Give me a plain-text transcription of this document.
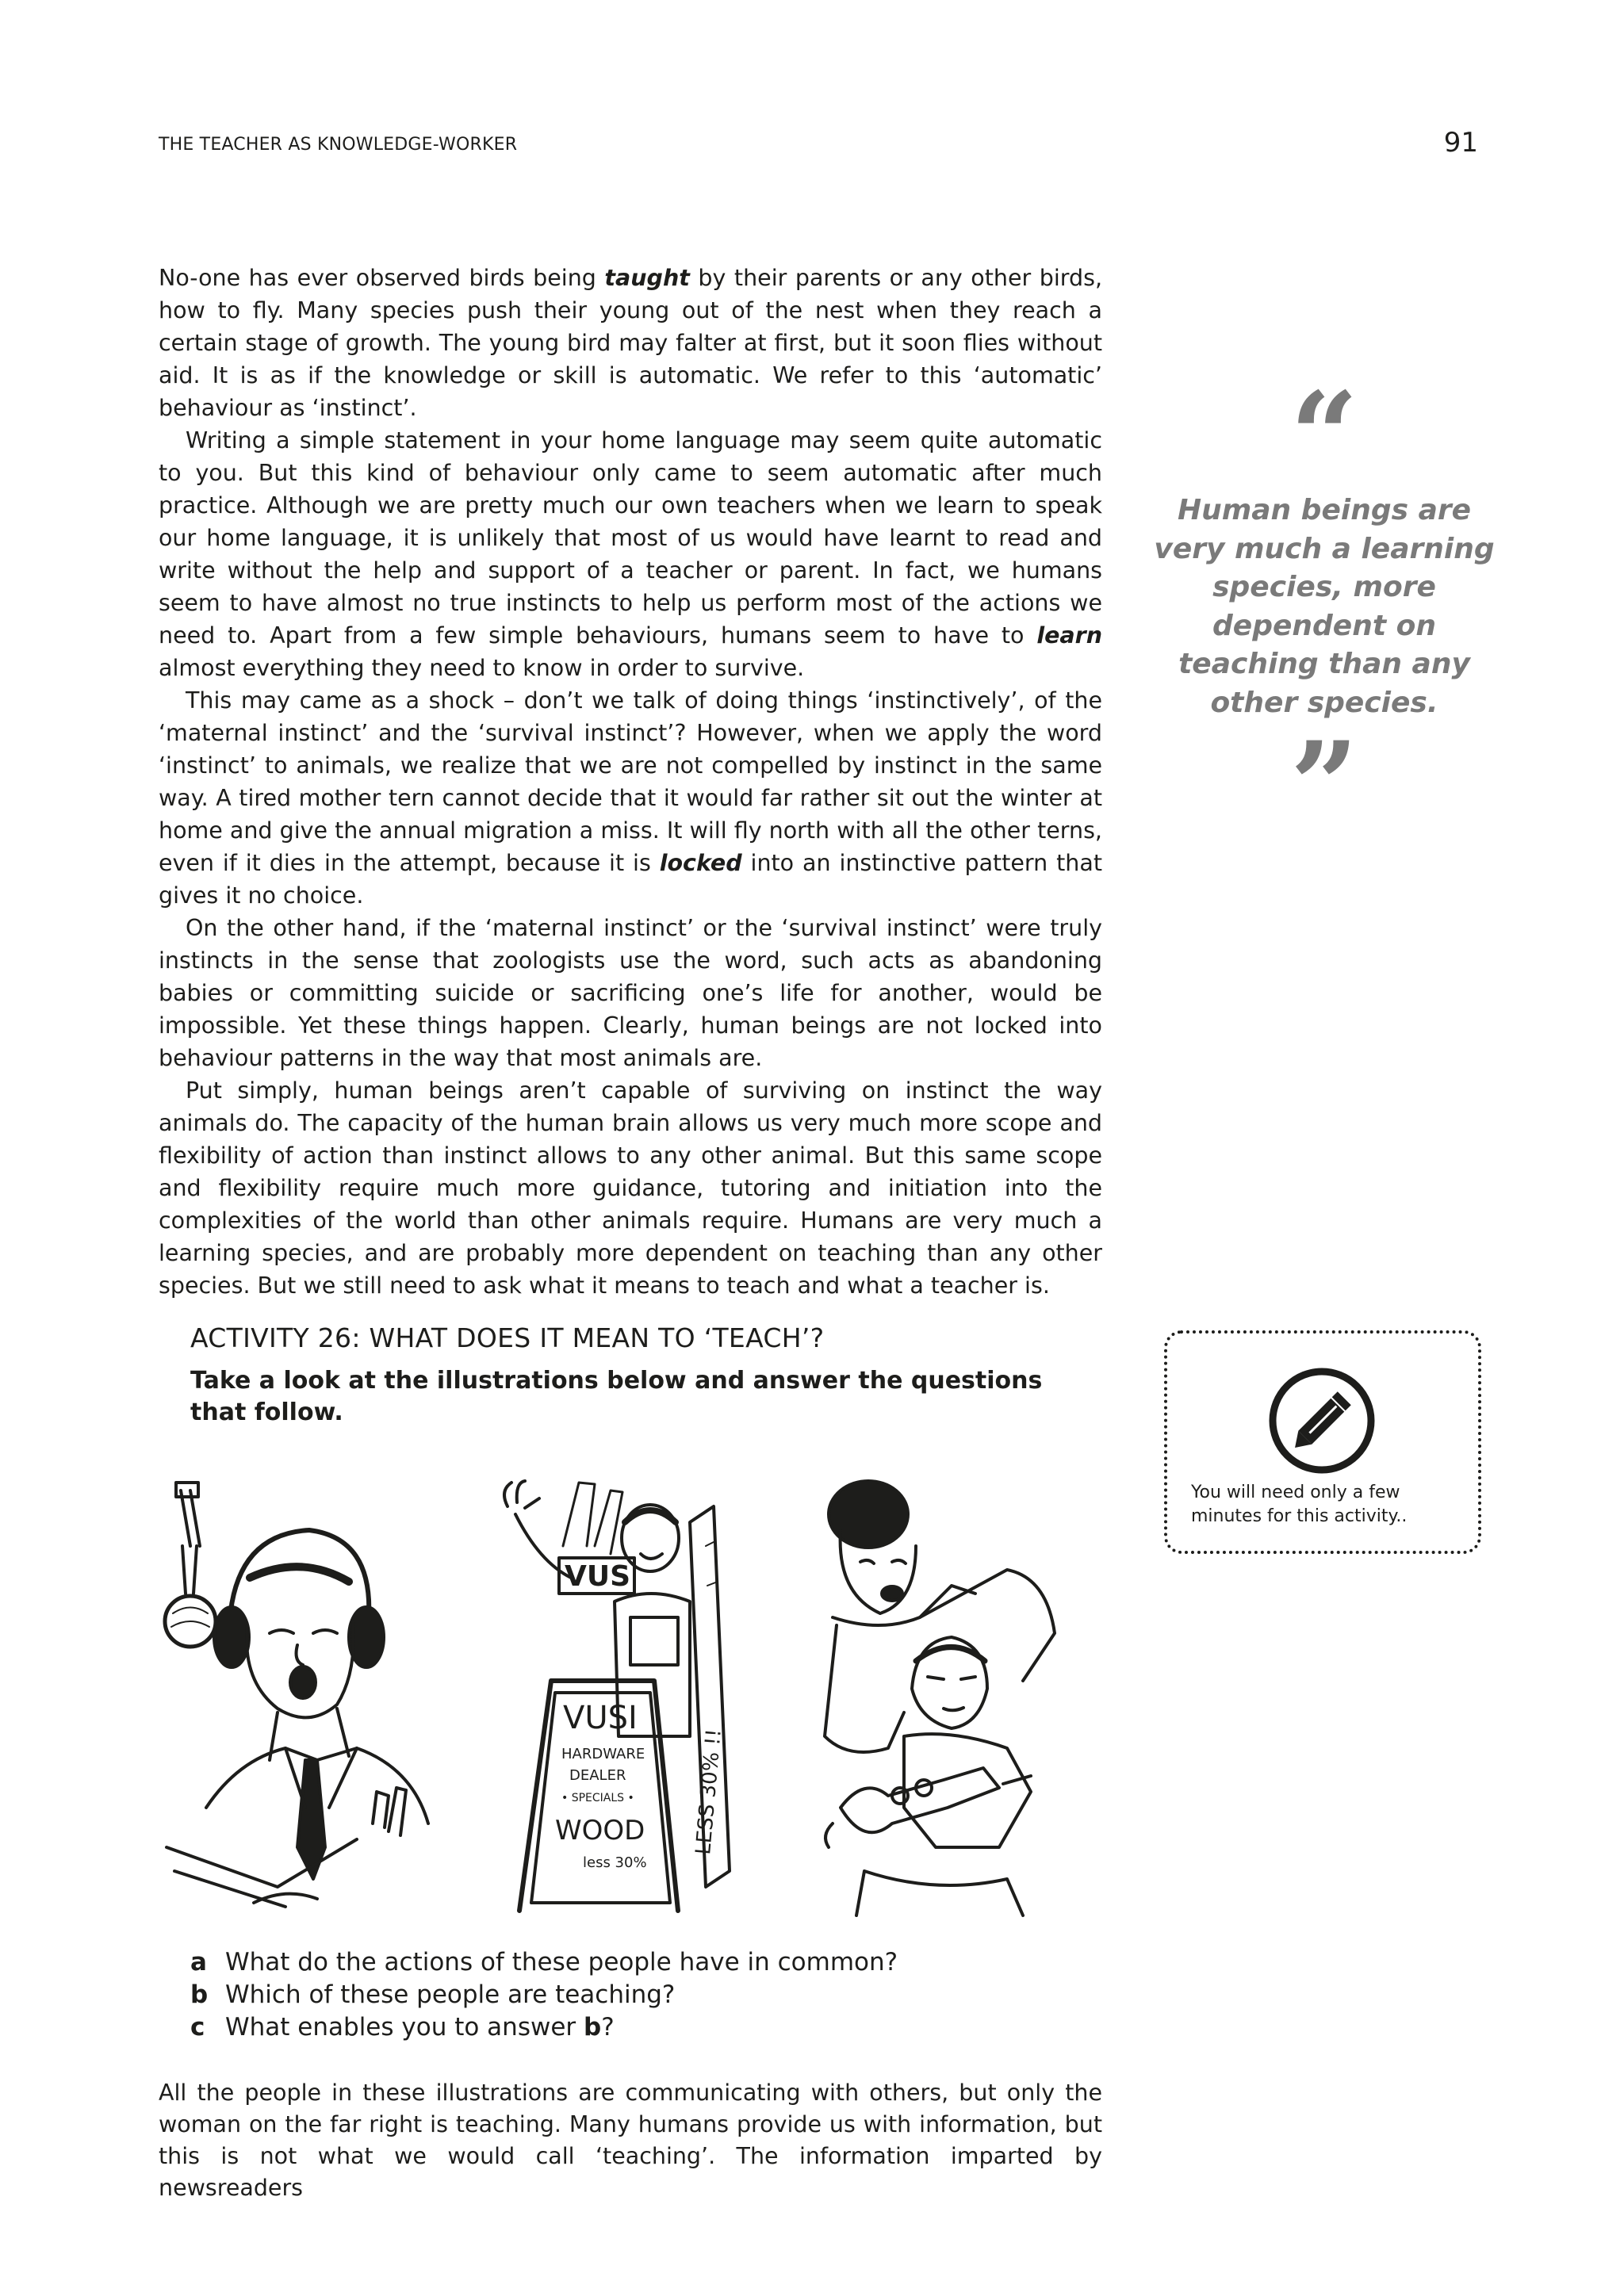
THE TEACHER AS KNOWLEDGE-WORKER	91

No-one has ever observed birds being taught by their parents or any other birds, how to fly. Many species push their young out of the nest when they reach a certain stage of growth. The young bird may falter at first, but it soon flies without aid. It is as if the knowledge or skill is automatic. We refer to this ‘automatic’ behaviour as ‘instinct’.

Writing a simple statement in your home language may seem quite automatic to you. But this kind of behaviour only came to seem automatic after much practice. Although we are pretty much our own teachers when we learn to speak our home language, it is unlikely that most of us would have learnt to read and write without the help and support of a teacher or parent. In fact, we humans seem to have almost no true instincts to help us perform most of the actions we need to. Apart from a few simple behaviours, humans seem to have to learn almost everything they need to know in order to survive.

This may came as a shock – don’t we talk of doing things ‘instinctively’, of the ‘maternal instinct’ and the ‘survival instinct’? However, when we apply the word ‘instinct’ to animals, we realize that we are not compelled by instinct in the same way. A tired mother tern cannot decide that it would far rather sit out the winter at home and give the annual migration a miss. It will fly north with all the other terns, even if it dies in the attempt, because it is locked into an instinctive pattern that gives it no choice.

On the other hand, if the ‘maternal instinct’ or the ‘survival instinct’ were truly instincts in the sense that zoologists use the word, such acts as abandoning babies or committing suicide or sacrificing one’s life for another, would be impossible. Yet these things happen. Clearly, human beings are not locked into behaviour patterns in the way that most animals are.

Put simply, human beings aren’t capable of surviving on instinct the way animals do. The capacity of the human brain allows us very much more scope and flexibility of action than instinct allows to any other animal. But this same scope and flexibility require much more guidance, tutoring and initiation into the complexities of the world than other animals require. Humans are very much a learning species, and are probably more dependent on teaching than any other species. But we still need to ask what it means to teach and what a teacher is.

“
Human beings are very much a learning species, more dependent on teaching than any other species.
”
ACTIVITY 26: WHAT DOES IT MEAN TO ‘TEACH’?
Take a look at the illustrations below and answer the questions that follow.
You will need only a few minutes for this activity..
VUS
LESS 30% !!
VUSI
HARDWARE
DEALER
• SPECIALS •
WOOD
less 30%
a What do the actions of these people have in common?
b Which of these people are teaching?
c What enables you to answer b?
All the people in these illustrations are communicating with others, but only the woman on the far right is teaching. Many humans provide us with information, but this is not what we would call ‘teaching’. The information imparted by newsreaders
